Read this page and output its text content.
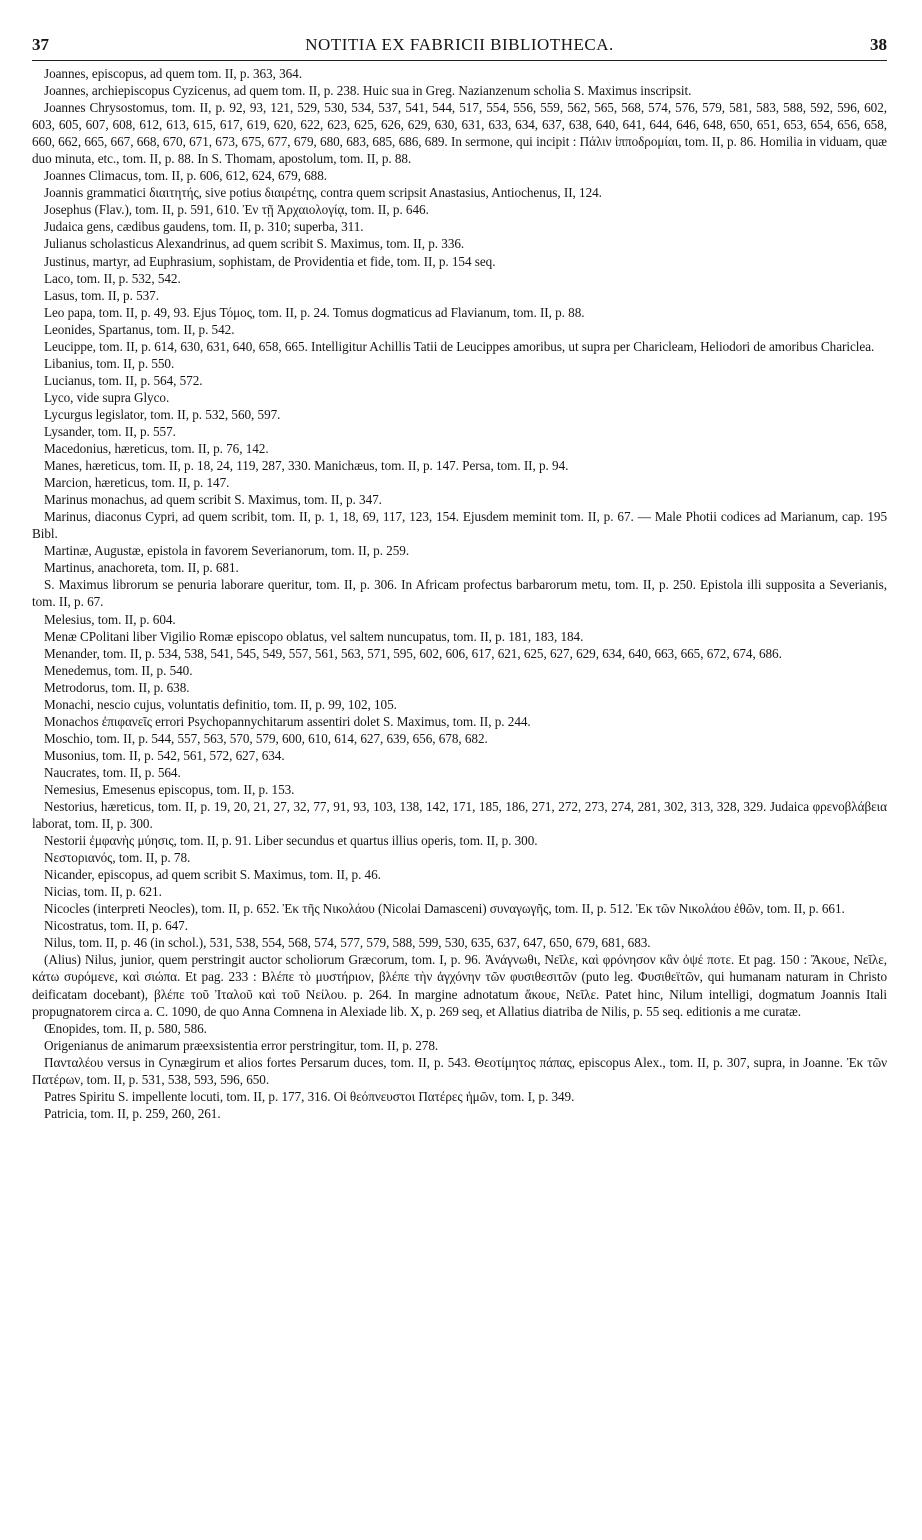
NOTITIA EX FABRICII BIBLIOTHECA.
37	38

Joannes, episcopus, ad quem tom. II, p. 363, 364.

Joannes, archiepiscopus Cyzicenus, ad quem tom. II, p. 238. Huic sua in Greg. Nazianzenum scholia S. Maximus inscripsit.

Joannes Chrysostomus, tom. II, p. 92, 93, 121, 529, 530, 534, 537, 541, 544, 517, 554, 556, 559, 562, 565, 568, 574, 576, 579, 581, 583, 588, 592, 596, 602, 603, 605, 607, 608, 612, 613, 615, 617, 619, 620, 622, 623, 625, 626, 629, 630, 631, 633, 634, 637, 638, 640, 641, 644, 646, 648, 650, 651, 653, 654, 656, 658, 660, 662, 665, 667, 668, 670, 671, 673, 675, 677, 679, 680, 683, 685, 686, 689. In sermone, qui incipit : Πάλιν ἱπποδρομίαι, tom. II, p. 86. Homilia in viduam, quæ duo minuta, etc., tom. II, p. 88. In S. Thomam, apostolum, tom. II, p. 88.

Joannes Climacus, tom. II, p. 606, 612, 624, 679, 688.

Joannis grammatici διαιτητής, sive potius διαιρέτης, contra quem scripsit Anastasius, Antiochenus, II, 124.

Josephus (Flav.), tom. II, p. 591, 610. Ἐν τῇ Ἀρχαιολογίᾳ, tom. II, p. 646.

Judaica gens, cædibus gaudens, tom. II, p. 310; superba, 311.

Julianus scholasticus Alexandrinus, ad quem scribit S. Maximus, tom. II, p. 336.

Justinus, martyr, ad Euphrasium, sophistam, de Providentia et fide, tom. II, p. 154 seq.

Laco, tom. II, p. 532, 542.

Lasus, tom. II, p. 537.

Leo papa, tom. II, p. 49, 93. Ejus Τόμος, tom. II, p. 24. Tomus dogmaticus ad Flavianum, tom. II, p. 88.

Leonides, Spartanus, tom. II, p. 542.

Leucippe, tom. II, p. 614, 630, 631, 640, 658, 665. Intelligitur Achillis Tatii de Leucippes amoribus, ut supra per Charicleam, Heliodori de amoribus Chariclea.

Libanius, tom. II, p. 550.

Lucianus, tom. II, p. 564, 572.

Lyco, vide supra Glyco.

Lycurgus legislator, tom. II, p. 532, 560, 597.

Lysander, tom. II, p. 557.

Macedonius, hæreticus, tom. II, p. 76, 142.

Manes, hæreticus, tom. II, p. 18, 24, 119, 287, 330. Manichæus, tom. II, p. 147. Persa, tom. II, p. 94.

Marcion, hæreticus, tom. II, p. 147.

Marinus monachus, ad quem scribit S. Maximus, tom. II, p. 347.

Marinus, diaconus Cypri, ad quem scribit, tom. II, p. 1, 18, 69, 117, 123, 154. Ejusdem meminit tom. II, p. 67. — Male Photii codices ad Marianum, cap. 195 Bibl.

Martinæ, Augustæ, epistola in favorem Severianorum, tom. II, p. 259.

Martinus, anachoreta, tom. II, p. 681.

S. Maximus librorum se penuria laborare queritur, tom. II, p. 306. In Africam profectus barbarorum metu, tom. II, p. 250. Epistola illi supposita a Severianis, tom. II, p. 67.

Melesius, tom. II, p. 604.

Menæ CPolitani liber Vigilio Romæ episcopo oblatus, vel saltem nuncupatus, tom. II, p. 181, 183, 184.

Menander, tom. II, p. 534, 538, 541, 545, 549, 557, 561, 563, 571, 595, 602, 606, 617, 621, 625, 627, 629, 634, 640, 663, 665, 672, 674, 686.

Menedemus, tom. II, p. 540.

Metrodorus, tom. II, p. 638.

Monachi, nescio cujus, voluntatis definitio, tom. II, p. 99, 102, 105.

Monachos ἐπιφανεῖς errori Psychopannychitarum assentiri dolet S. Maximus, tom. II, p. 244.

Moschio, tom. II, p. 544, 557, 563, 570, 579, 600, 610, 614, 627, 639, 656, 678, 682.

Musonius, tom. II, p. 542, 561, 572, 627, 634.

Naucrates, tom. II, p. 564.

Nemesius, Emesenus episcopus, tom. II, p. 153.

Nestorius, hæreticus, tom. II, p. 19, 20, 21, 27, 32, 77, 91, 93, 103, 138, 142, 171, 185, 186, 271, 272, 273, 274, 281, 302, 313, 328, 329. Judaica φρενοβλάβεια laborat, tom. II, p. 300.

Nestorii ἐμφανὴς μύησις, tom. II, p. 91. Liber secundus et quartus illius operis, tom. II, p. 300.

Νεστοριανός, tom. II, p. 78.

Nicander, episcopus, ad quem scribit S. Maximus, tom. II, p. 46.

Nicias, tom. II, p. 621.

Nicocles (interpreti Neocles), tom. II, p. 652. Ἐκ τῆς Νικολάου (Nicolai Damasceni) συναγωγῆς, tom. II, p. 512. Ἐκ τῶν Νικολάου ἐθῶν, tom. II, p. 661.

Nicostratus, tom. II, p. 647.

Nilus, tom. II, p. 46 (in schol.), 531, 538, 554, 568, 574, 577, 579, 588, 599, 530, 635, 637, 647, 650, 679, 681, 683.

(Alius) Nilus, junior, quem perstringit auctor scholiorum Græcorum, tom. I, p. 96. Ἀνάγνωθι, Νεῖλε, καὶ φρόνησον κἂν ὀψέ ποτε. Et pag. 150 : Ἄκουε, Νεῖλε, κάτω συρόμενε, καὶ σιώπα. Et pag. 233 : Βλέπε τὸ μυστήριον, βλέπε τὴν ἀγχόνην τῶν φυσιθεσιτῶν (puto leg. Φυσιθεϊτῶν, qui humanam naturam in Christo deificatam docebant), βλέπε τοῦ Ἰταλοῦ καὶ τοῦ Νείλου. p. 264. In margine adnotatum ἄκουε, Νεῖλε. Patet hinc, Nilum intelligi, dogmatum Joannis Itali propugnatorem circa a. C. 1090, de quo Anna Comnena in Alexiade lib. X, p. 269 seq, et Allatius diatriba de Nilis, p. 55 seq. editionis a me curatæ.

Œnopides, tom. II, p. 580, 586.

Origenianus de animarum præexsistentia error perstringitur, tom. II, p. 278.

Πανταλέου versus in Cynægirum et alios fortes Persarum duces, tom. II, p. 543. Θεοτίμητος πάπας, episcopus Alex., tom. II, p. 307, supra, in Joanne. Ἐκ τῶν Πατέρων, tom. II, p. 531, 538, 593, 596, 650.

Patres Spiritu S. impellente locuti, tom. II, p. 177, 316. Οἱ θεόπνευστοι Πατέρες ἡμῶν, tom. I, p. 349.

Patricia, tom. II, p. 259, 260, 261.
